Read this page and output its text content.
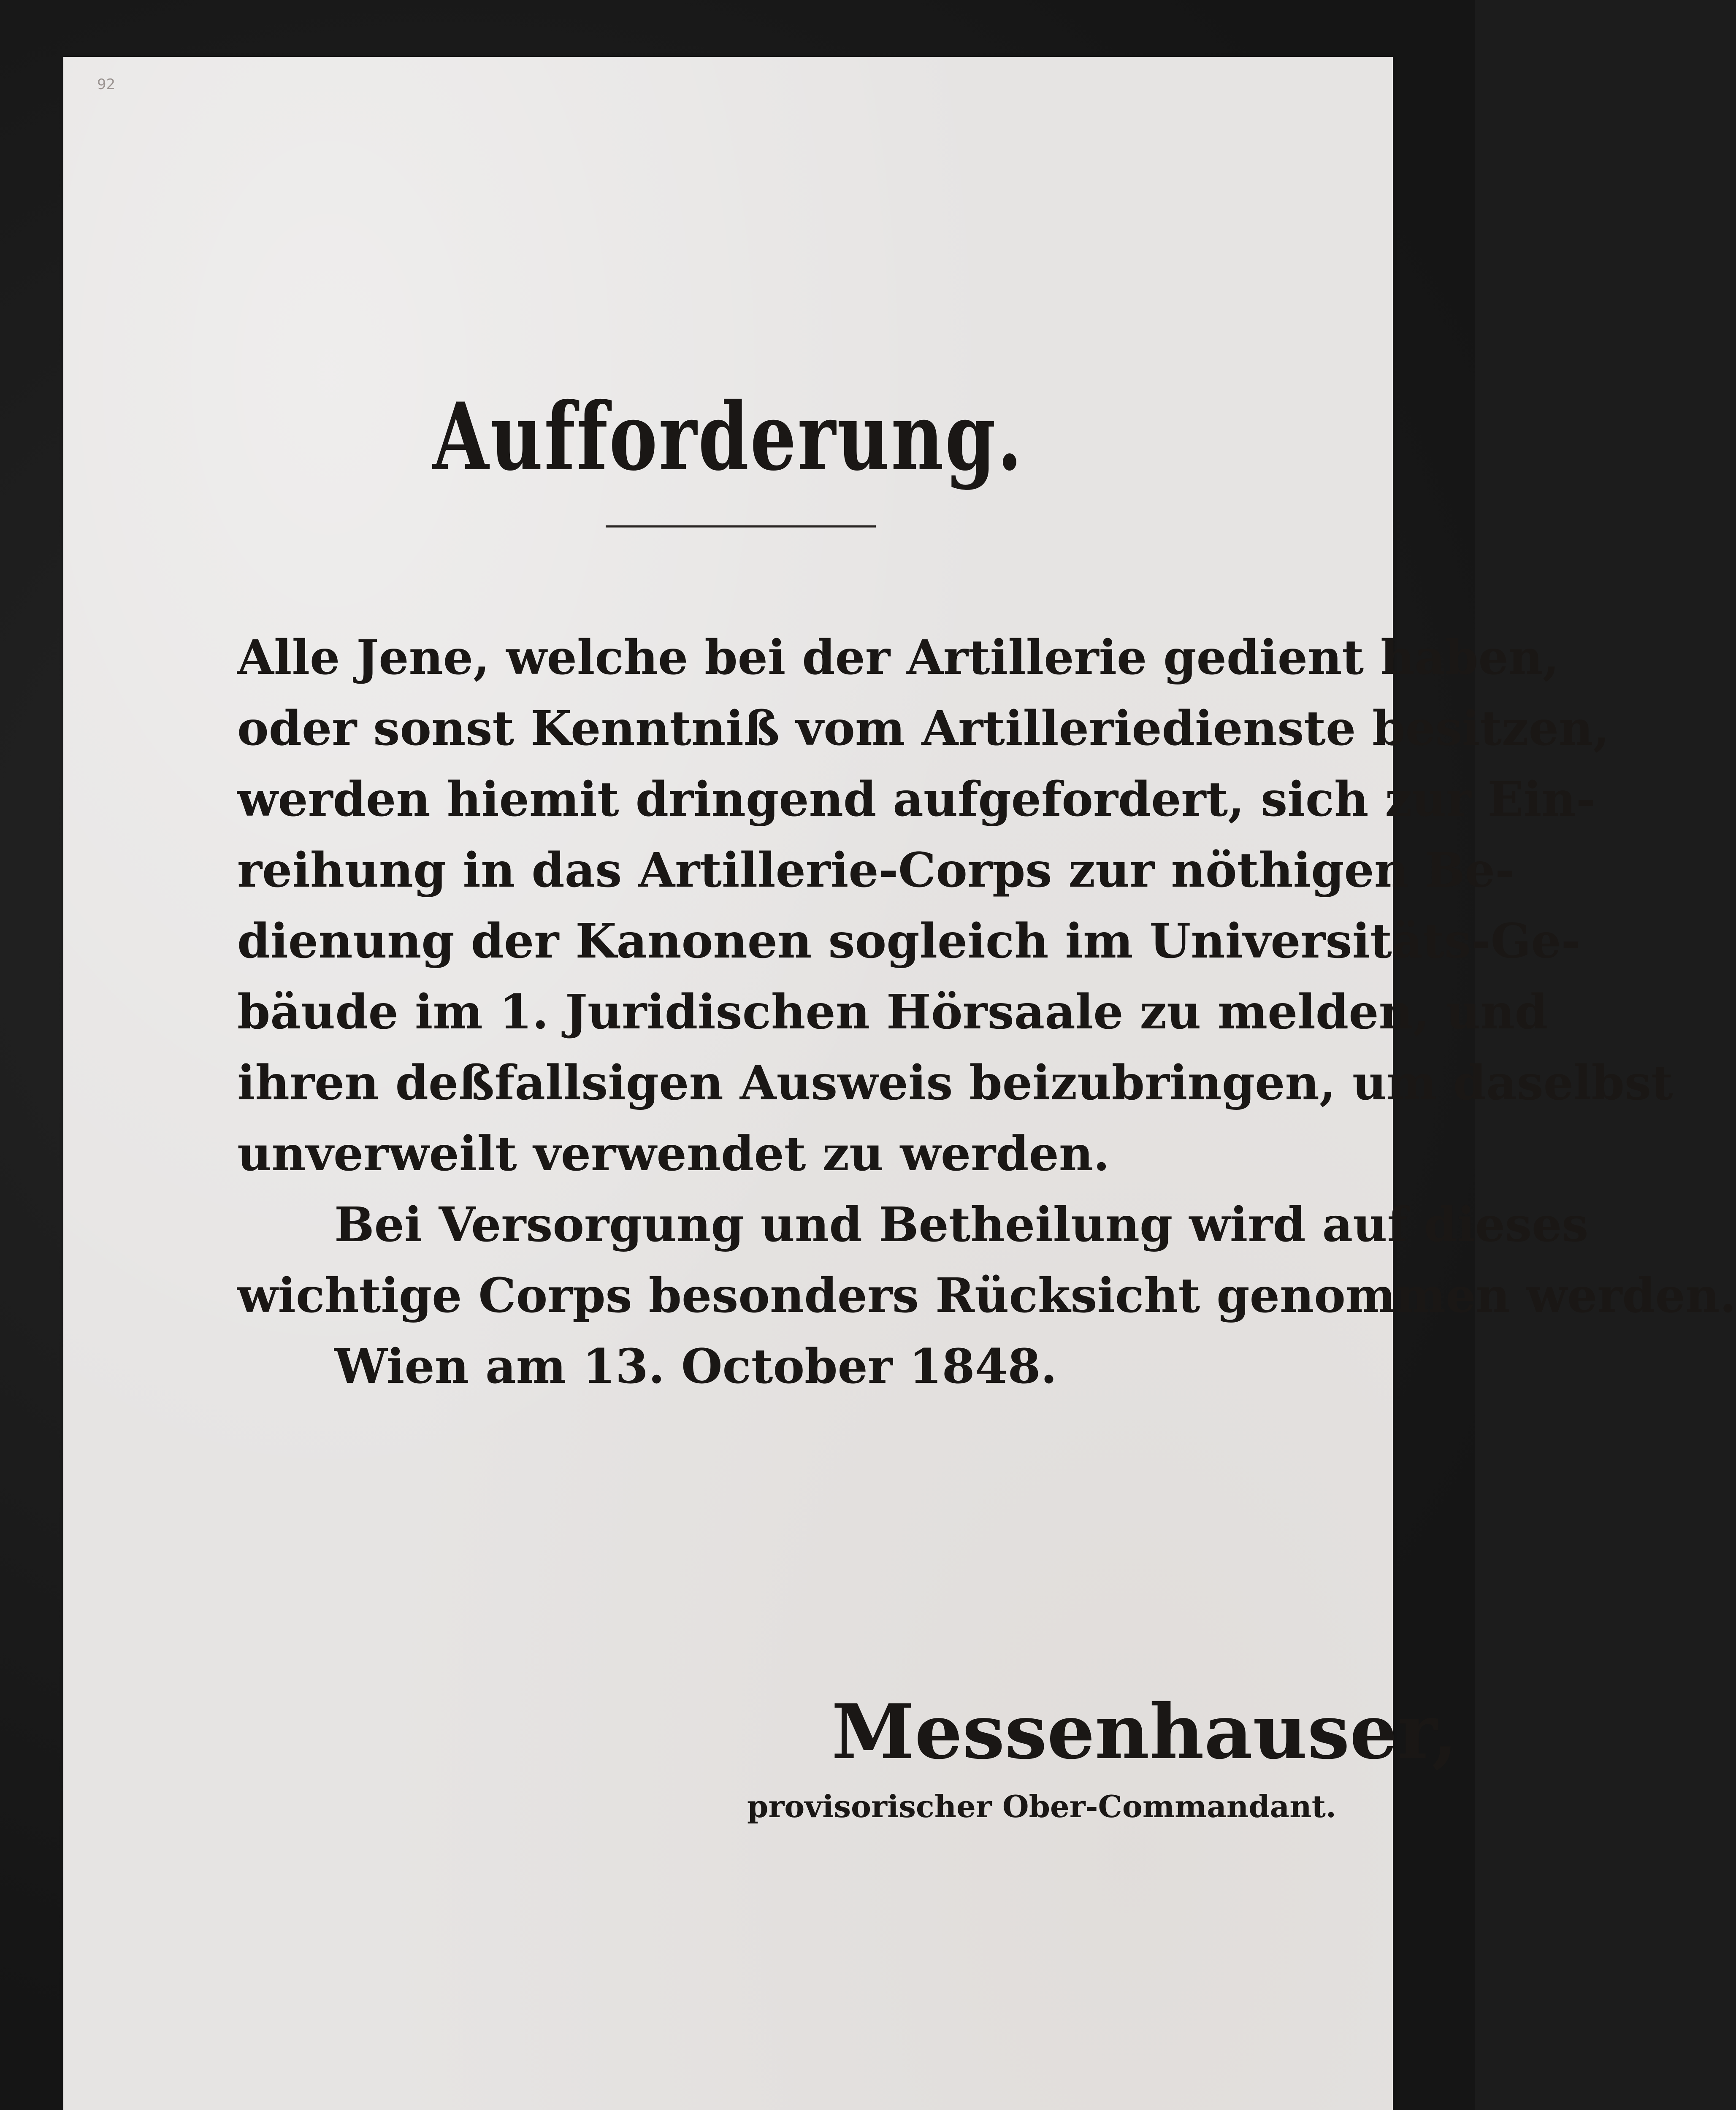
92
Aufforderung.
Alle Jene, welche bei der Artillerie gedient haben,
oder sonst Kenntniß vom Artilleriedienste besitzen,
werden hiemit dringend aufgefordert, sich zur Ein-
reihung in das Artillerie-Corps zur nöthigen Be-
dienung der Kanonen sogleich im Universitäts-Ge-
bäude im 1. Juridischen Hörsaale zu melden, und
ihren deßfallsigen Ausweis beizubringen, um daselbst
unverweilt verwendet zu werden.
Bei Versorgung und Betheilung wird auf dieses
wichtige Corps besonders Rücksicht genommen werden.
Wien am 13. October 1848.
Messenhauser,
provisorischer Ober-Commandant.
